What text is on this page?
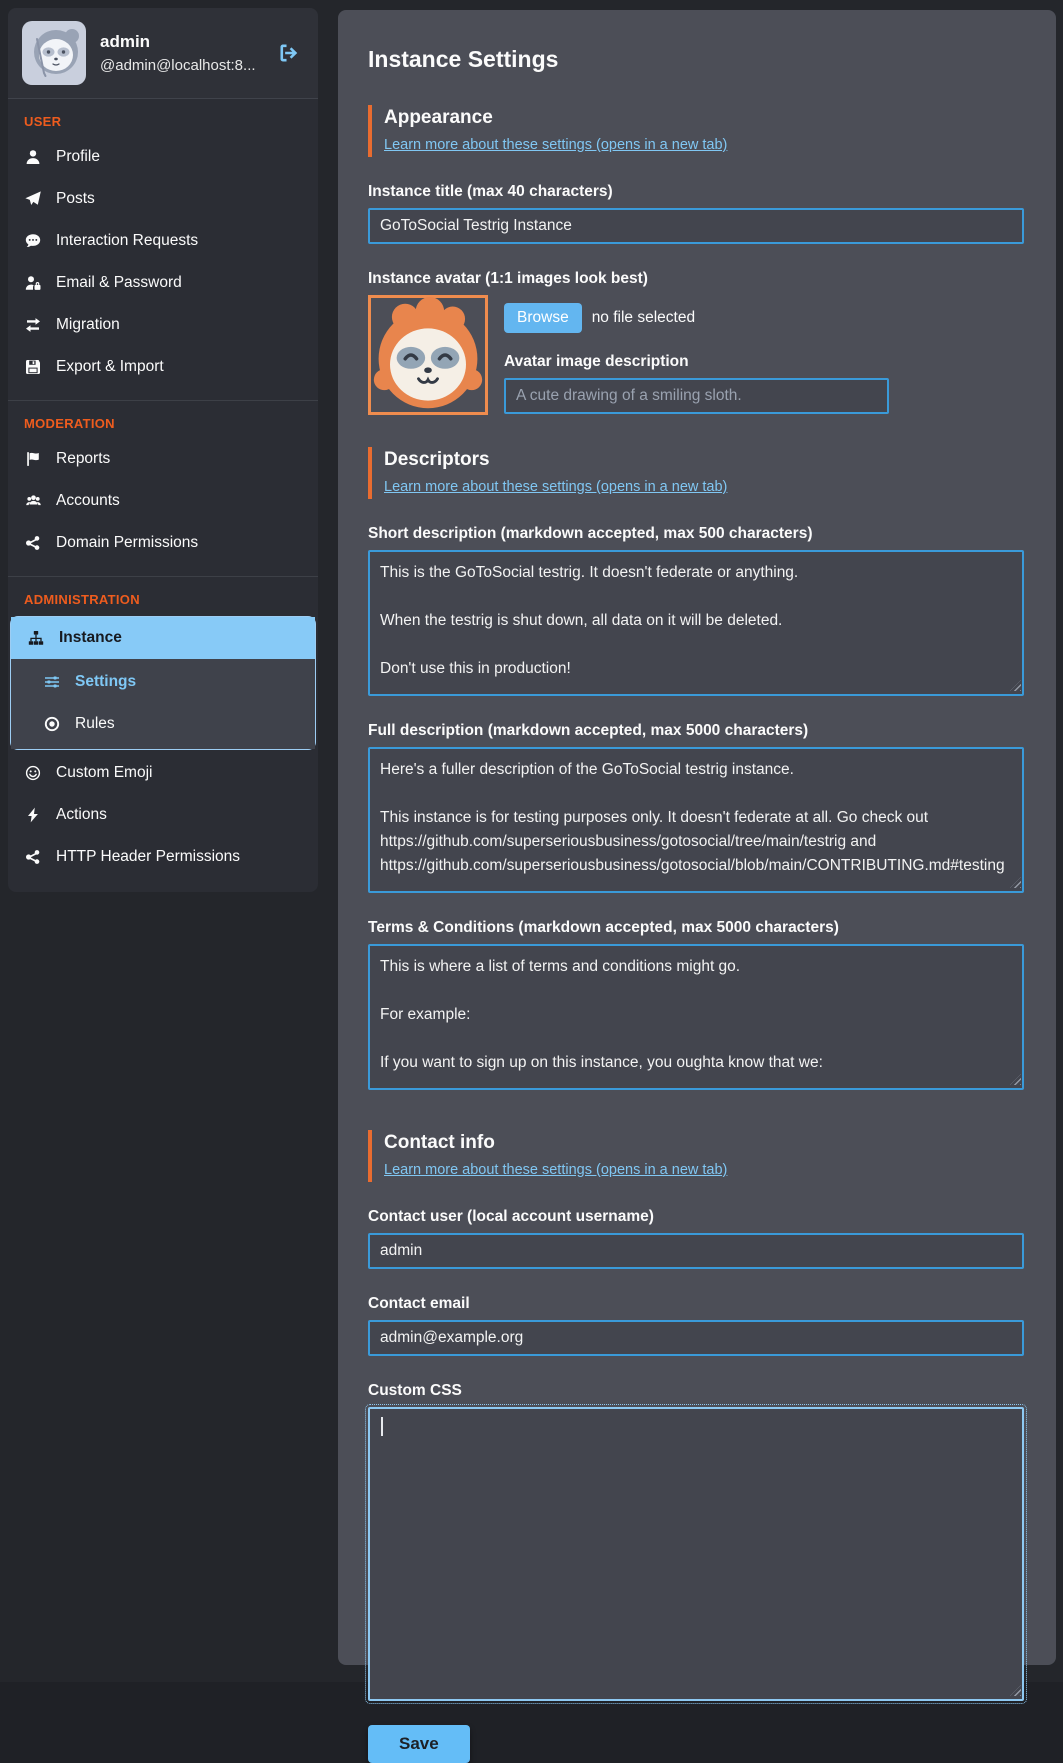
admin
@admin@localhost:8...
USER
Profile
Posts
Interaction Requests
Email & Password
Migration
Export & Import
MODERATION
Reports
Accounts
Domain Permissions
ADMINISTRATION
Instance
Settings
Rules
Custom Emoji
Actions
HTTP Header Permissions
Instance Settings
Appearance
Learn more about these settings (opens in a new tab)
Instance title (max 40 characters)
GoToSocial Testrig Instance
Instance avatar (1:1 images look best)
Browse	no file selected
Avatar image description
A cute drawing of a smiling sloth.
Descriptors
Learn more about these settings (opens in a new tab)
Short description (markdown accepted, max 500 characters)
This is the GoToSocial testrig. It doesn't federate or anything. When the testrig is shut down, all data on it will be deleted. Don't use this in production!
Full description (markdown accepted, max 5000 characters)
Here's a fuller description of the GoToSocial testrig instance. This instance is for testing purposes only. It doesn't federate at all. Go check out https://github.com/superseriousbusiness/gotosocial/tree/main/testrig and https://github.com/superseriousbusiness/gotosocial/blob/main/CONTRIBUTING.md#testing
Terms & Conditions (markdown accepted, max 5000 characters)
This is where a list of terms and conditions might go. For example: If you want to sign up on this instance, you oughta know that we:
Contact info
Learn more about these settings (opens in a new tab)
Contact user (local account username)
admin
Contact email
admin@example.org
Custom CSS
Save
